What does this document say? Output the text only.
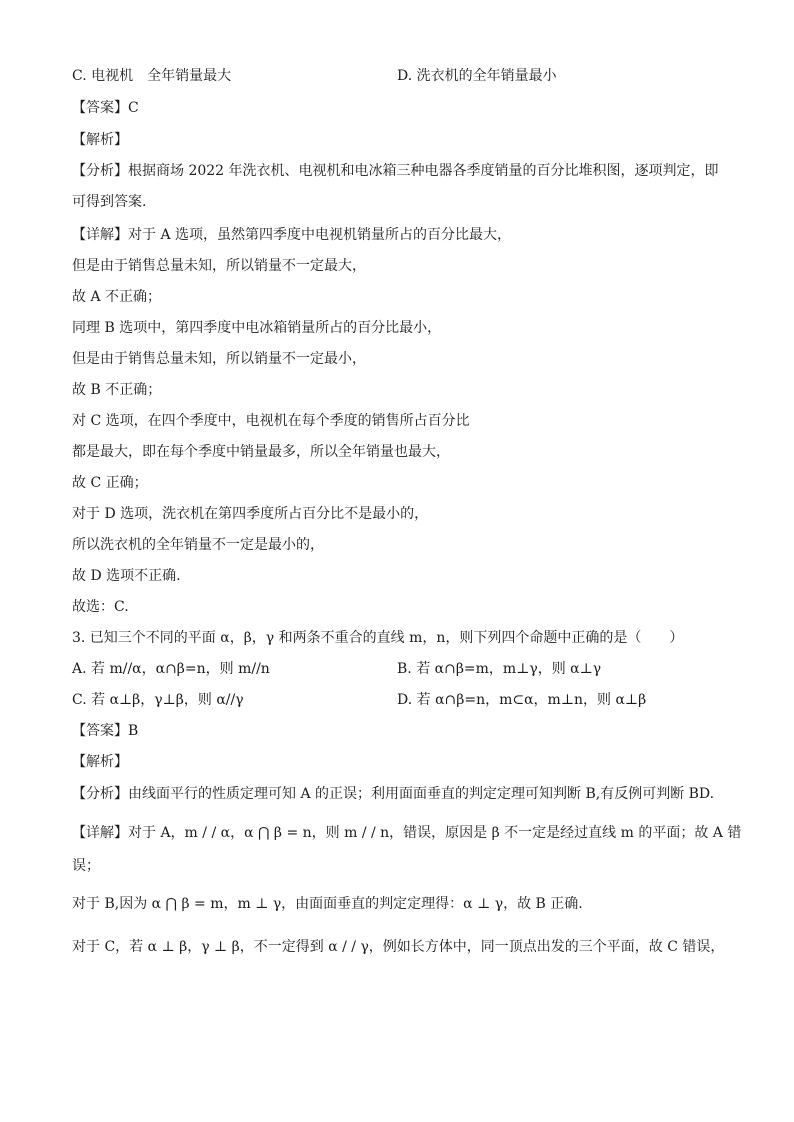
C. 电视机　全年销量最大	D. 洗衣机的全年销量最小
【答案】C
【解析】
【分析】根据商场 2022 年洗衣机、电视机和电冰箱三种电器各季度销量的百分比堆积图，逐项判定，即
可得到答案.
【详解】对于 A 选项，虽然第四季度中电视机销量所占的百分比最大，
但是由于销售总量未知，所以销量不一定最大，
故 A 不正确；
同理 B 选项中，第四季度中电冰箱销量所占的百分比最小，
但是由于销售总量未知，所以销量不一定最小，
故 B 不正确；
对 C 选项，在四个季度中，电视机在每个季度的销售所占百分比
都是最大，即在每个季度中销量最多，所以全年销量也最大，
故 C 正确；
对于 D 选项，洗衣机在第四季度所占百分比不是最小的，
所以洗衣机的全年销量不一定是最小的，
故 D 选项不正确.
故选：C.
3. 已知三个不同的平面 α，β，γ 和两条不重合的直线 m，n，则下列四个命题中正确的是（　　）
A. 若 m//α，α∩β=n，则 m//n	B. 若 α∩β=m，m⊥γ，则 α⊥γ
C. 若 α⊥β，γ⊥β，则 α//γ	D. 若 α∩β=n，m⊂α，m⊥n，则 α⊥β
【答案】B
【解析】
【分析】由线面平行的性质定理可知 A 的正误；利用面面垂直的判定定理可知判断 B,有反例可判断 BD.
【详解】对于 A，m / / α，α ⋂ β = n，则 m / / n，错误，原因是 β 不一定是经过直线 m 的平面；故 A 错
误；
对于 B,因为 α ⋂ β = m，m ⊥ γ，由面面垂直的判定定理得：α ⊥ γ，故 B 正确.
对于 C，若 α ⊥ β，γ ⊥ β，不一定得到 α / / γ，例如长方体中，同一顶点出发的三个平面，故 C 错误，
